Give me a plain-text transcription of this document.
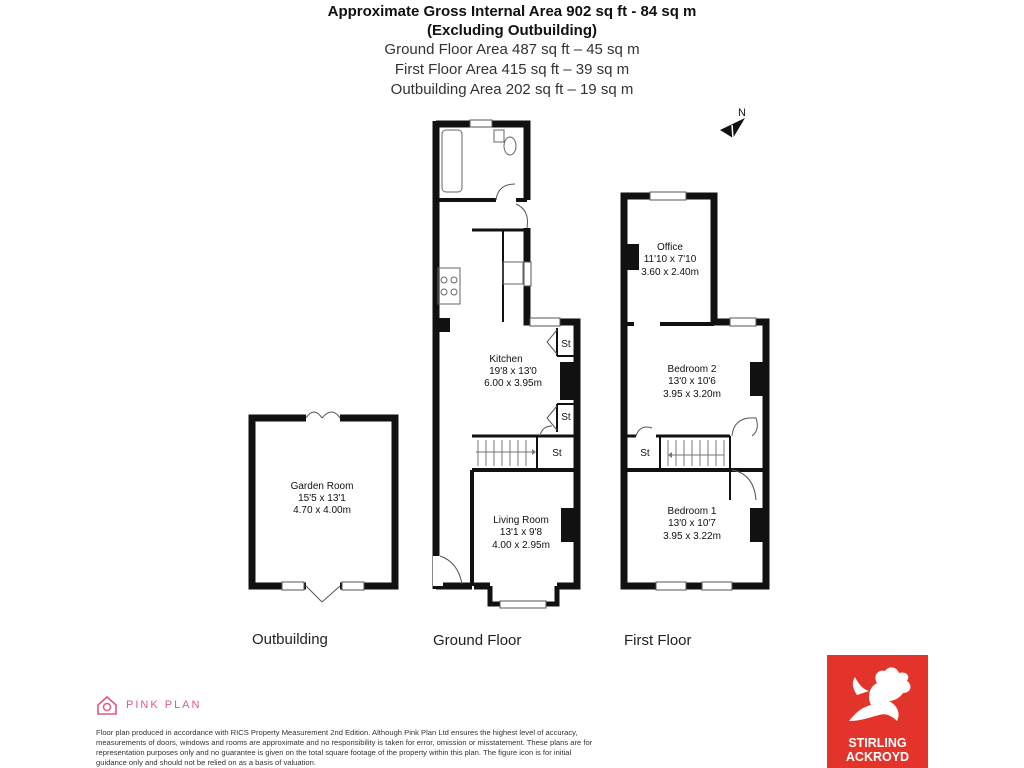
Approximate Gross Internal Area 902 sq ft - 84 sq m

(Excluding Outbuilding)

Ground Floor Area 487 sq ft – 45 sq m

First Floor Area 415 sq ft – 39 sq m

Outbuilding Area 202 sq ft – 19 sq m

N
Garden Room
15'5 x 13'1
4.70 x 4.00m
Kitchen
19'8 x 13'0
6.00 x 3.95m
Living Room
13'1 x 9'8
4.00 x 2.95m
Office
11'10 x 7'10
3.60 x 2.40m
Bedroom 2
13'0 x 10'6
3.95 x 3.20m
Bedroom 1
13'0 x 10'7
3.95 x 3.22m
St
St
St	St
Outbuilding	Ground Floor	First Floor
PINK PLAN
Floor plan produced in accordance with RICS Property Measurement 2nd Edition. Although Pink Plan Ltd ensures the highest level of accuracy, measurements of doors, windows and rooms are approximate and no responsibility is taken for error, omission or misstatement. These plans are for representation purposes only and no guarantee is given on the total square footage of the property within this plan. The figure icon is for initial guidance only and should not be relied on as a basis of valuation.
STIRLING
ACKROYD
